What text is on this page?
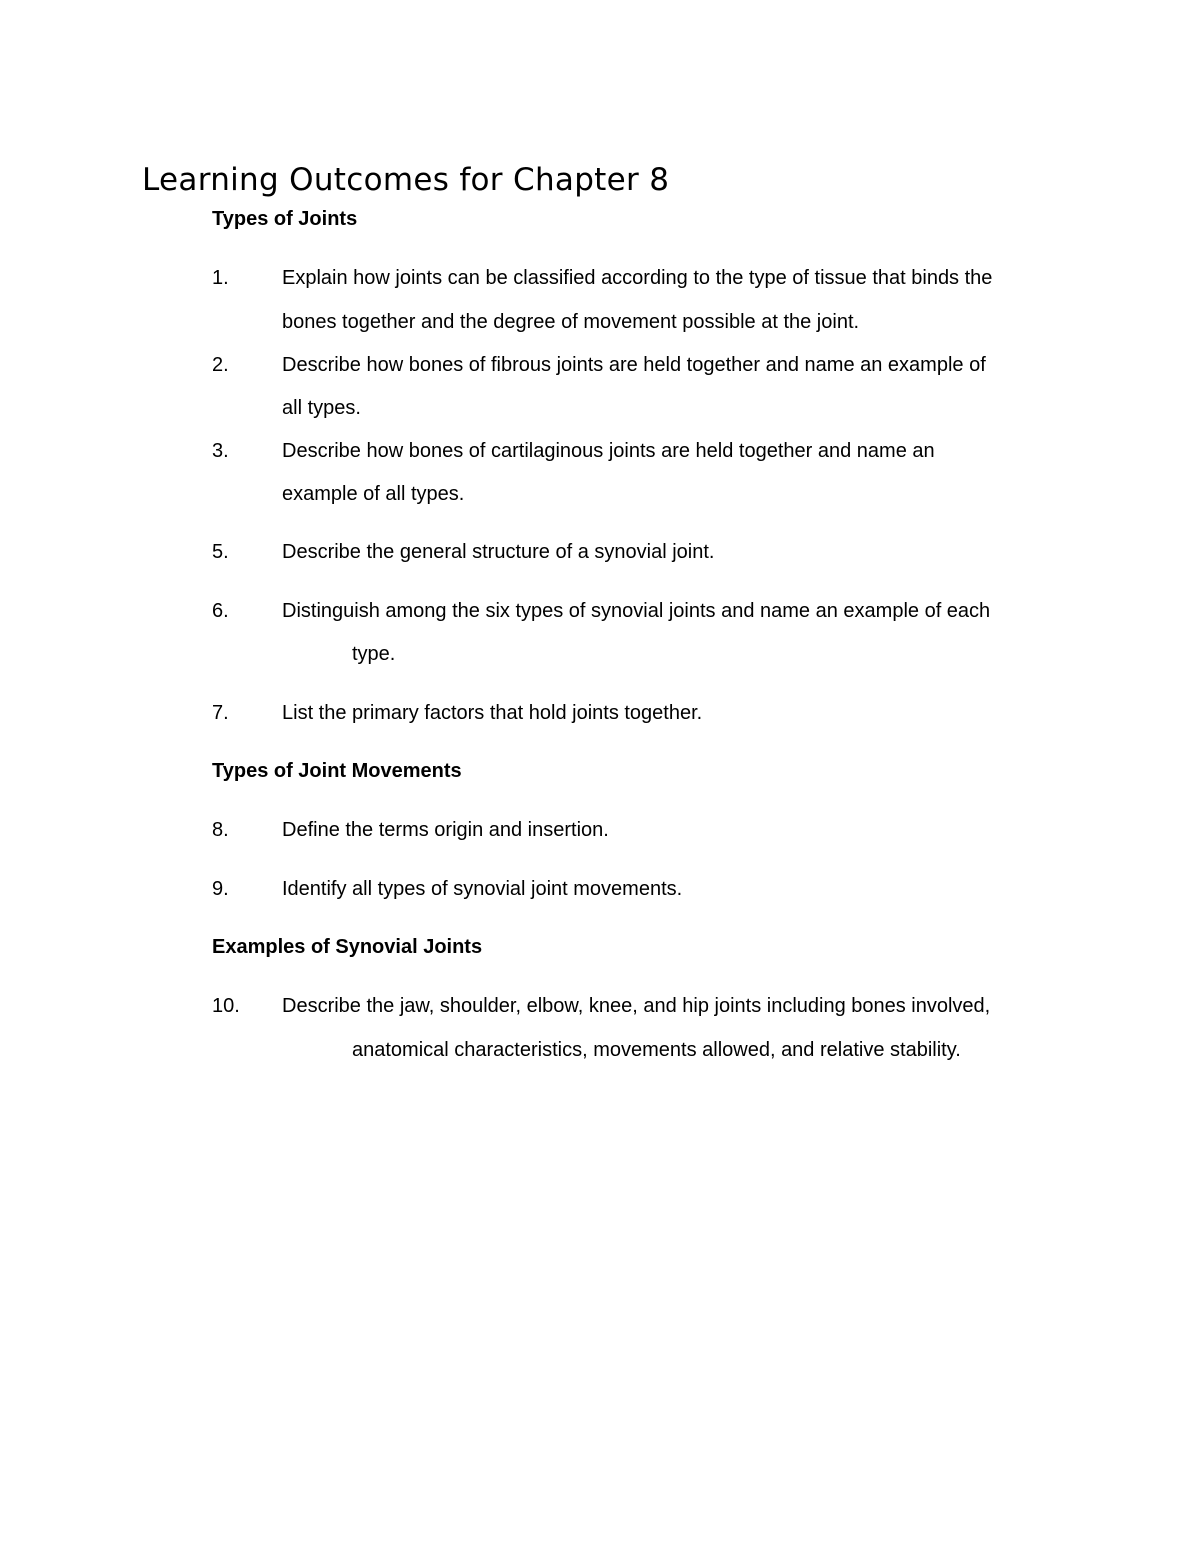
Learning Outcomes for Chapter 8
Types of Joints
1.	Explain how joints can be classified according to the type of tissue that binds the
bones together and the degree of movement possible at the joint.
2.	Describe how bones of fibrous joints are held together and name an example of
all types.
3.	Describe how bones of cartilaginous joints are held together and name an
example of all types.
5.	Describe the general structure of a synovial joint.
6.	Distinguish among the six types of synovial joints and name an example of each
type.
7.	List the primary factors that hold joints together.
Types of Joint Movements
8.	Define the terms origin and insertion.
9.	Identify all types of synovial joint movements.
Examples of Synovial Joints
10. Describe the jaw, shoulder, elbow, knee, and hip joints including bones involved,
anatomical characteristics, movements allowed, and relative stability.
